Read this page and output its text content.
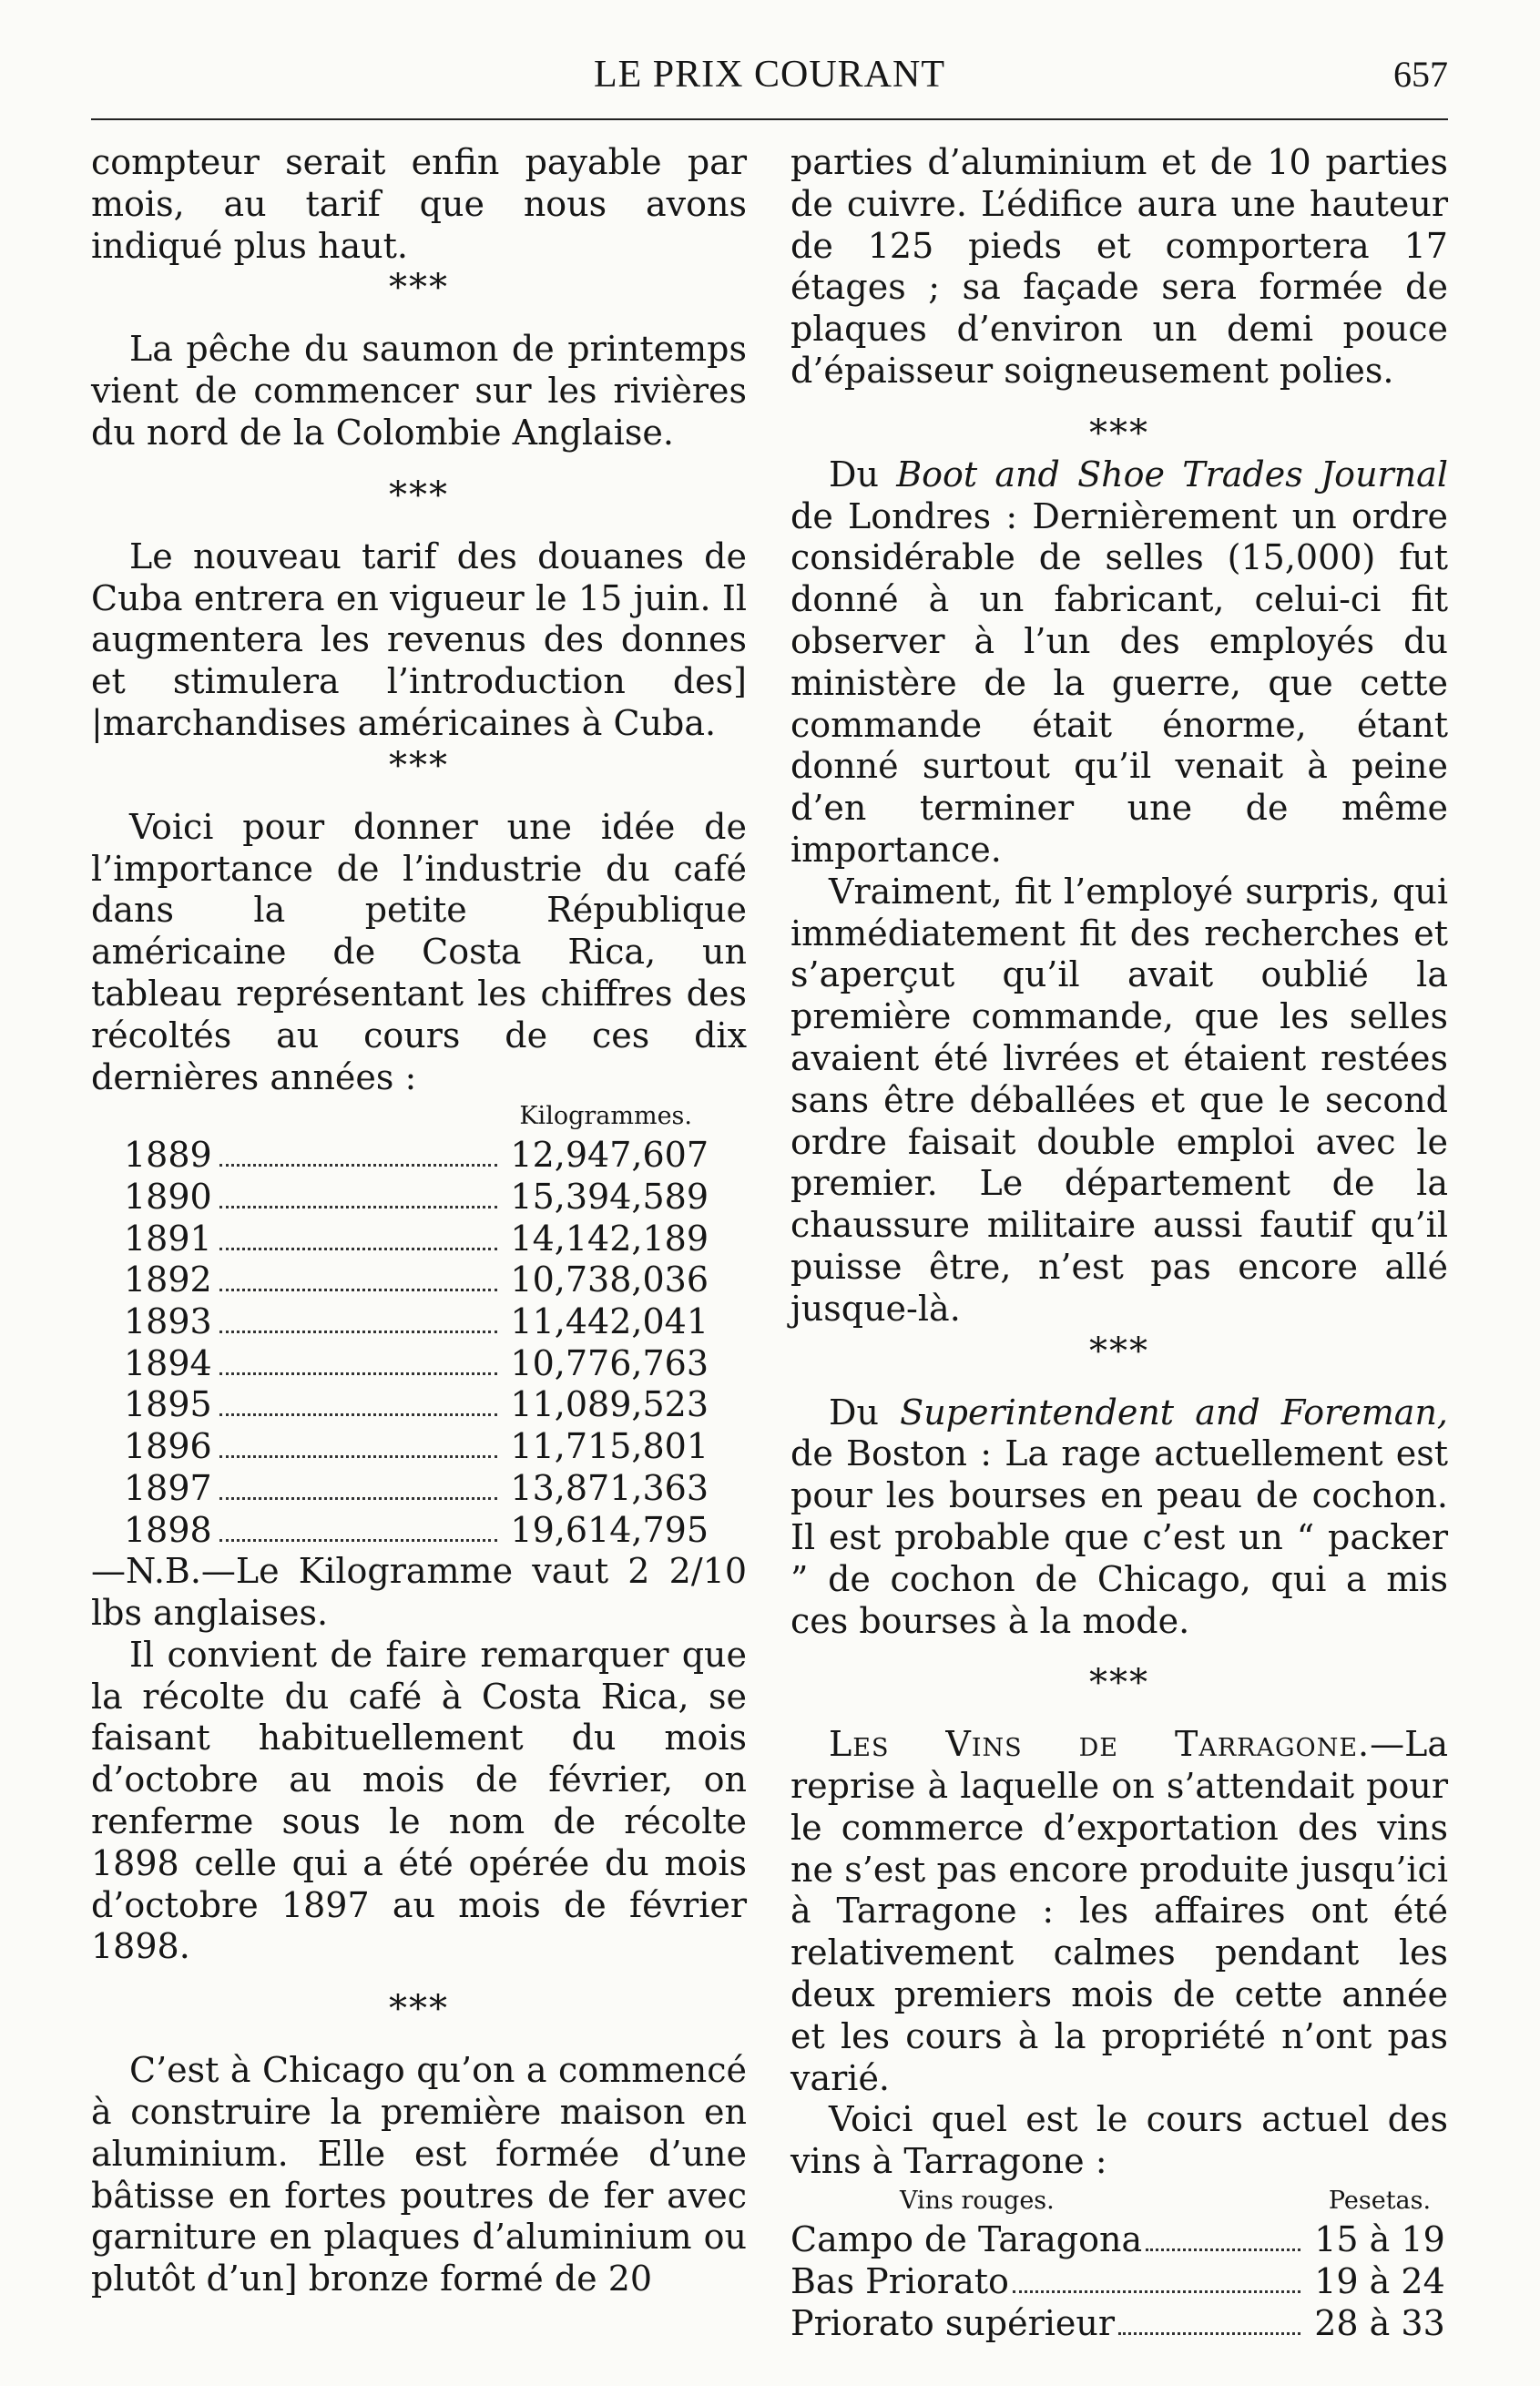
LE PRIX COURANT	657

compteur serait enfin payable par mois, au tarif que nous avons indiqué plus haut.

***

La pêche du saumon de printemps vient de commencer sur les rivières du nord de la Colombie Anglaise.

***

Le nouveau tarif des douanes de Cuba entrera en vigueur le 15 juin. Il augmentera les revenus des donnes et stimulera l’introduction des] |marchandises américaines à Cuba.

***

Voici pour donner une idée de l’importance de l’industrie du café dans la petite République américaine de Costa Rica, un tableau représentant les chiffres des récoltés au cours de ces dix dernières années :

Kilogrammes.
1889	12,947,607
1890	15,394,589
1891	14,142,189
1892	10,738,036
1893	11,442,041
1894	10,776,763
1895	11,089,523
1896	11,715,801
1897	13,871,363
1898	19,614,795

—N.B.—Le Kilogramme vaut 2 2/10 lbs anglaises.

Il convient de faire remarquer que la récolte du café à Costa Rica, se faisant habituellement du mois d’octobre au mois de février, on renferme sous le nom de récolte 1898 celle qui a été opérée du mois d’octobre 1897 au mois de février 1898.

***

C’est à Chicago qu’on a commencé à construire la première maison en aluminium. Elle est formée d’une bâtisse en fortes poutres de fer avec garniture en plaques d’aluminium ou plutôt d’un] bronze formé de 20

parties d’aluminium et de 10 parties de cuivre. L’édifice aura une hauteur de 125 pieds et comportera 17 étages ; sa façade sera formée de plaques d’environ un demi pouce d’épaisseur soigneusement polies.

***

Du Boot and Shoe Trades Journal de Londres : Dernièrement un ordre considérable de selles (15,000) fut donné à un fabricant, celui-ci fit observer à l’un des employés du ministère de la guerre, que cette commande était énorme, étant donné surtout qu’il venait à peine d’en terminer une de même importance.

Vraiment, fit l’employé surpris, qui immédiatement fit des recherches et s’aperçut qu’il avait oublié la première commande, que les selles avaient été livrées et étaient restées sans être déballées et que le second ordre faisait double emploi avec le premier. Le département de la chaussure militaire aussi fautif qu’il puisse être, n’est pas encore allé jusque-là.

***

Du Superintendent and Foreman, de Boston : La rage actuellement est pour les bourses en peau de cochon. Il est probable que c’est un “ packer ” de cochon de Chicago, qui a mis ces bourses à la mode.

***

Les Vins de Tarragone.—La reprise à laquelle on s’attendait pour le commerce d’exportation des vins ne s’est pas encore produite jusqu’ici à Tarragone : les affaires ont été relativement calmes pendant les deux premiers mois de cette année et les cours à la propriété n’ont pas varié.

Voici quel est le cours actuel des vins à Tarragone :

Vins rouges.	Pesetas.
Campo de Taragona	15 à 19
Bas Priorato	19 à 24
Priorato supérieur	28 à 33
